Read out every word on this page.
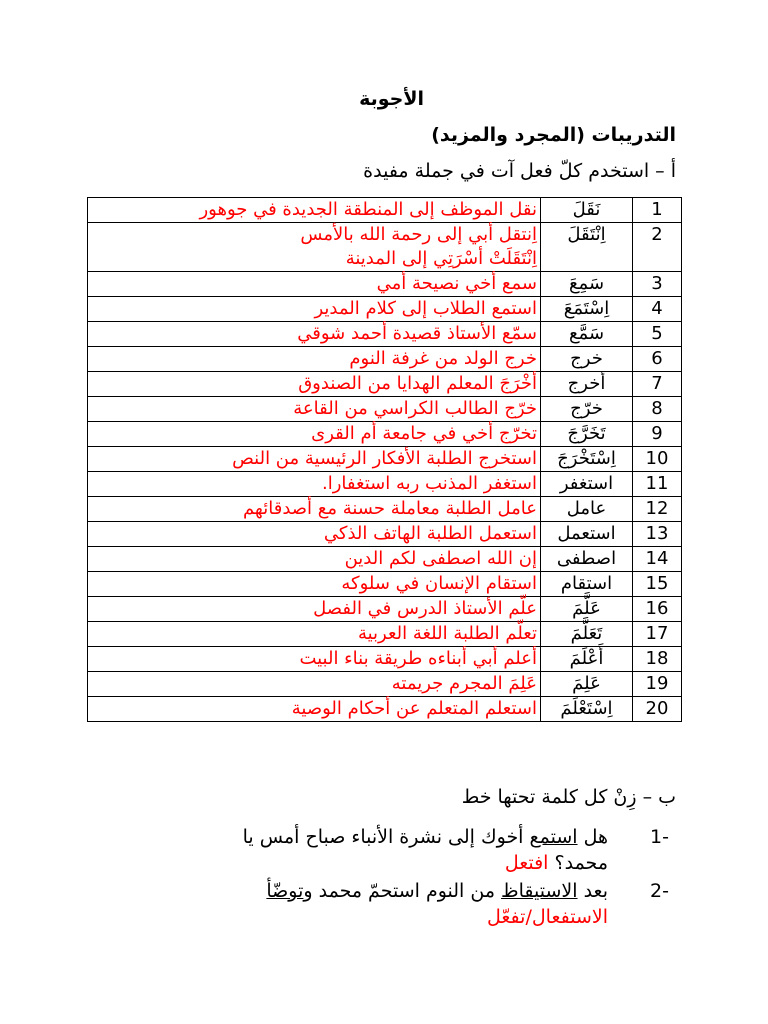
الأجوبة
التدريبات (المجرد والمزيد)
أ – استخدم كلّ فعل آت في جملة مفيدة
1	نَقَلَ	نقل الموظف إلى المنطقة الجديدة في جوهور
2	اِنْتَقَلَ	اِنتقل أبي إلى رحمة الله بالأمس
اِنْتَقَلَتْ أسْرَتِي إلى المدينة

3	سَمِعَ	سمع أخي نصيحة أمي
4	اِسْتَمَعَ	استمع الطلاب إلى كلام المدير
5	سَمَّع	سمّع الأستاذ قصيدة أحمد شوقي
6	خرج	خرج الولد من غرفة النوم
7	أخرج	أخْرَجَ المعلم الهدايا من الصندوق
8	خرّج	خرّج الطالب الكراسي من القاعة
9	تَخَرَّجَ	تخرّج أخي في جامعة أم القرى
10	اِسْتَخْرَجَ	استخرج الطلبة الأفكار الرئيسية من النص
11	استغفر	استغفر المذنب ربه استغفارا.
12	عامل	عامل الطلبة معاملة حسنة مع أصدقائهم
13	استعمل	استعمل الطلبة الهاتف الذكي
14	اصطفى	إن الله اصطفى لكم الدين
15	استقام	استقام الإنسان في سلوكه
16	عَلَّمَ	علّم الأستاذ الدرس في الفصل
17	تَعَلَّمَ	تعلّم الطلبة اللغة العربية
18	أَعْلَمَ	أعلم أبي أبناءه طريقة بناء البيت
19	عَلِمَ	عَلِمَ المجرم جريمته
20	اِسْتَعْلَمَ	استعلم المتعلم عن أحكام الوصية
ب – زِنْ كل كلمة تحتها خط
1-
هل استمع أخوك إلى نشرة الأنباء صباح أمس يا
محمد؟ افتعل
2-
بعد الاستيقاظ من النوم استحمّ محمد وتوضّأ
الاستفعال/تفعّل
